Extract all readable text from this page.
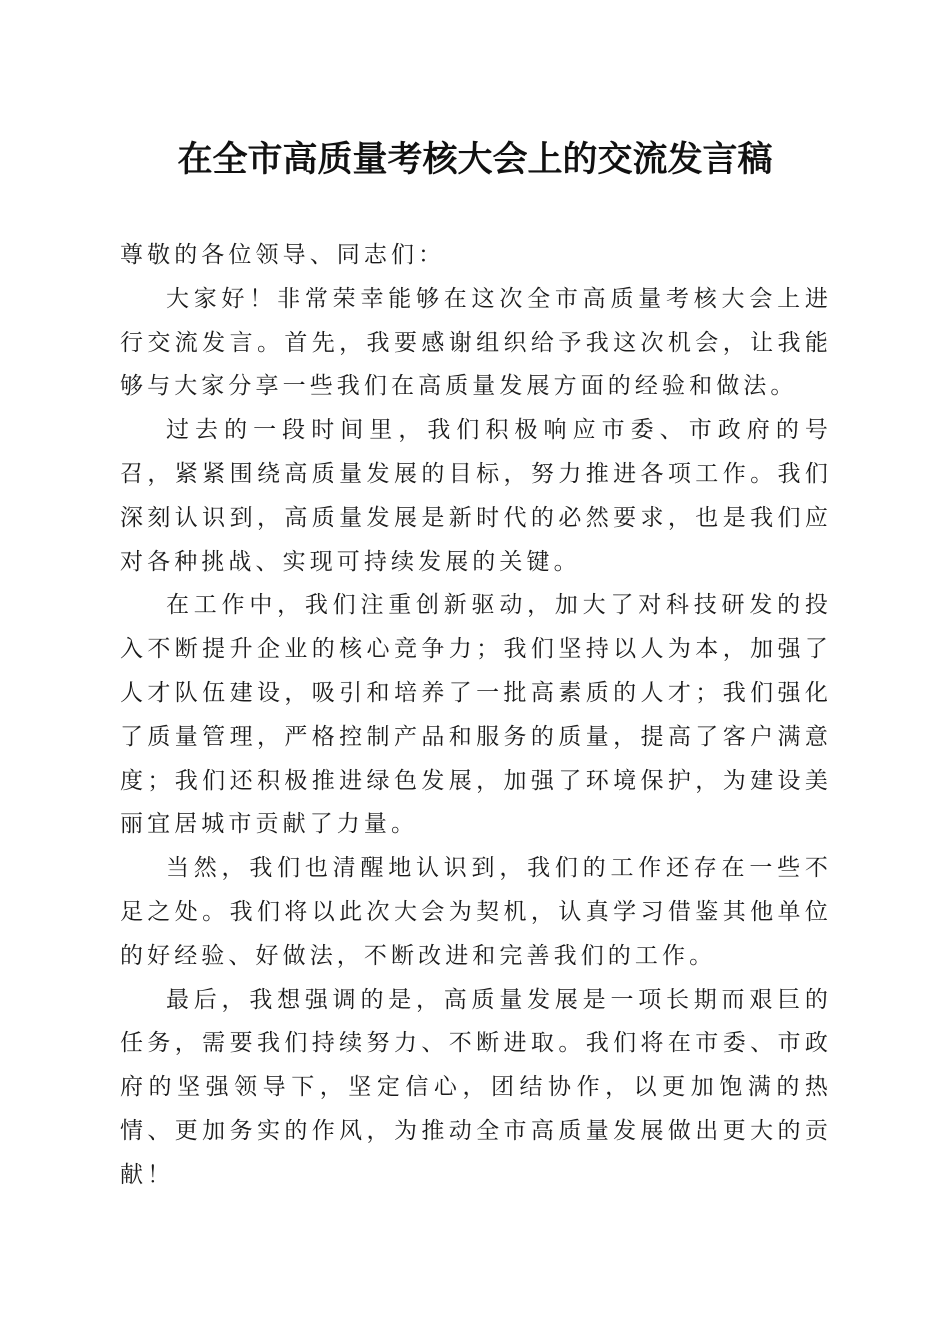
在全市高质量考核大会上的交流发言稿

尊敬的各位领导、同志们：

大家好！非常荣幸能够在这次全市高质量考核大会上进行交流发言。首先，我要感谢组织给予我这次机会，让我能够与大家分享一些我们在高质量发展方面的经验和做法。

过去的一段时间里，我们积极响应市委、市政府的号召，紧紧围绕高质量发展的目标，努力推进各项工作。我们深刻认识到，高质量发展是新时代的必然要求，也是我们应对各种挑战、实现可持续发展的关键。

在工作中，我们注重创新驱动，加大了对科技研发的投入不断提升企业的核心竞争力；我们坚持以人为本，加强了人才队伍建设，吸引和培养了一批高素质的人才；我们强化了质量管理，严格控制产品和服务的质量，提高了客户满意度；我们还积极推进绿色发展，加强了环境保护，为建设美丽宜居城市贡献了力量。

当然，我们也清醒地认识到，我们的工作还存在一些不足之处。我们将以此次大会为契机，认真学习借鉴其他单位的好经验、好做法，不断改进和完善我们的工作。

最后，我想强调的是，高质量发展是一项长期而艰巨的任务，需要我们持续努力、不断进取。我们将在市委、市政府的坚强领导下，坚定信心，团结协作，以更加饱满的热情、更加务实的作风，为推动全市高质量发展做出更大的贡献！
